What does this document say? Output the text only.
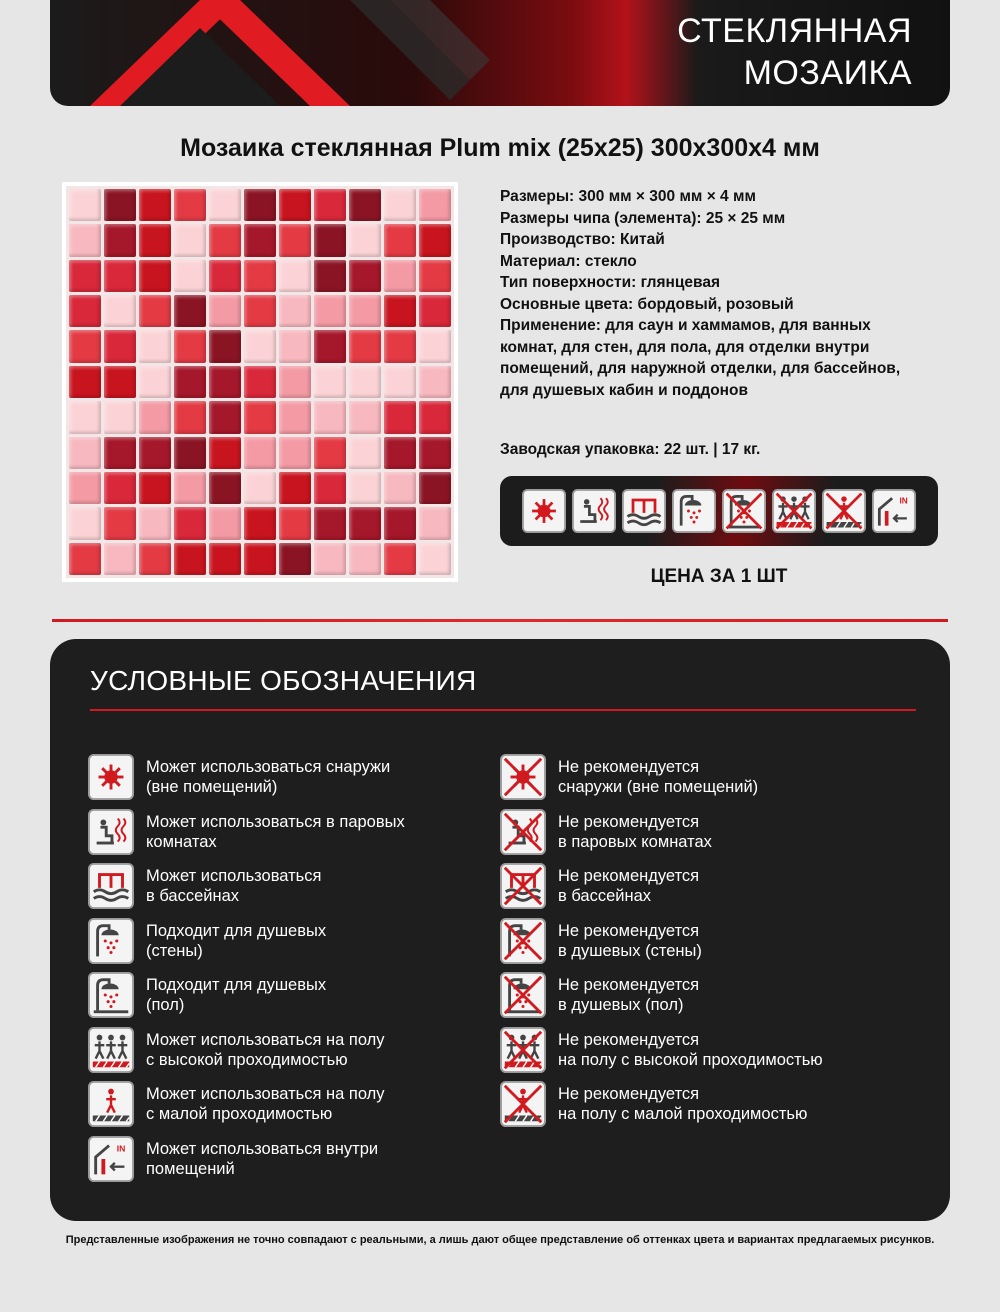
СТЕКЛЯННАЯ
МОЗАИКА
Мозаика стеклянная Plum mix (25х25) 300х300х4 мм
Размеры: 300 мм × 300 мм × 4 мм
Размеры чипа (элемента): 25 × 25 мм
Производство: Китай
Материал: стекло
Тип поверхности: глянцевая
Основные цвета: бордовый, розовый
Применение: для саун и хаммамов, для ванных
комнат, для стен, для пола, для отделки внутри
помещений, для наружной отделки, для бассейнов,
для душевых кабин и поддонов
Заводская упаковка: 22 шт. | 17 кг.
IN
ЦЕНА ЗА 1 ШТ
УСЛОВНЫЕ ОБОЗНАЧЕНИЯ
Может использоваться снаружи
(вне помещений)
Может использоваться в паровых
комнатах
Может использоваться
в бассейнах
Подходит для душевых
(стены)
Подходит для душевых
(пол)
Может использоваться на полу
с высокой проходимостью
Может использоваться на полу
с малой проходимостью
IN Может использоваться внутри
помещений
Не рекомендуется
снаружи (вне помещений)
Не рекомендуется
в паровых комнатах
Не рекомендуется
в бассейнах
Не рекомендуется
в душевых (стены)
Не рекомендуется
в душевых (пол)
Не рекомендуется
на полу с высокой проходимостью
Не рекомендуется
на полу с малой проходимостью
Представленные изображения не точно совпадают с реальными, а лишь дают общее представление об оттенках цвета и вариантах предлагаемых рисунков.
